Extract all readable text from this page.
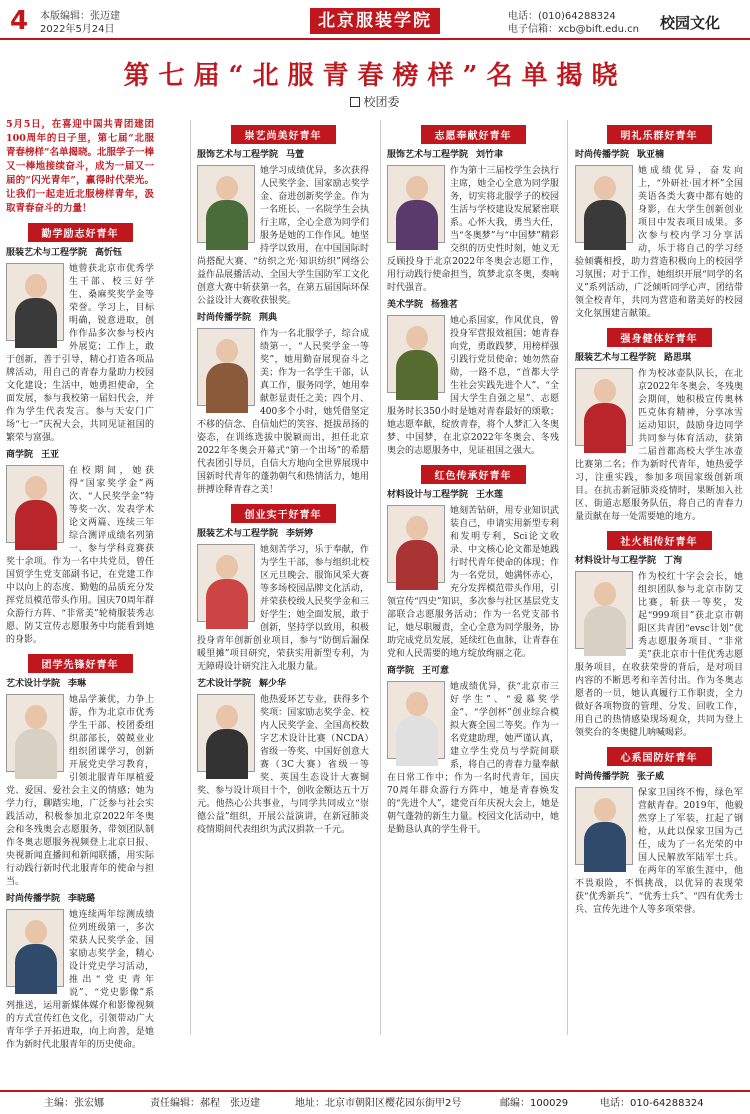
4 本版编辑：张迈建
2022年5月24日	北京服装学院	电话：(010)64288324
电子信箱：xcb@bift.edu.cn 校园文化
第七届“北服青春榜样”名单揭晓
校团委
5月5日，在喜迎中国共青团建团100周年的日子里，第七届“北服青春榜样”名单揭晓。北服学子一棒又一棒地接续奋斗，成为一届又一届的“闪光青年”，赢得时代荣光。让我们一起走近北服榜样青年，汲取青春奋斗的力量！
勤学励志好青年
服装艺术与工程学院 高忻钰
她曾获北京市优秀学生干部、校三好学生、桑麻奖奖学金等荣誉。学习上，目标明确，锐意进取，创作作品多次参与校内外展览；工作上，敢于创新，善于引导，精心打造各项品牌活动，用自己的青春力量助力校园文化建设；生活中，她勇担使命，全面发展，参与我校第一届妇代会，并作为学生代表发言。参与天安门广场“七一”庆祝大会，共同见证祖国的繁荣与富强。
商学院 王亚
在校期间，她获得“国家奖学金”两次、“人民奖学金”特等奖一次、发表学术论文两篇、连续三年综合测评成绩名列第一、参与学科竞赛获奖十余项。作为一名中共党员，曾任国贸学生党支部副书记，在党建工作中以向上的态度、勤勉的品质充分发挥党员模范带头作用。国庆70周年群众游行方阵、“非常美”轮椅服装秀志愿、防艾宣传志愿服务中均能看到她的身影。
团学先锋好青年
艺术设计学院 李琳
她品学兼优，力争上游，作为北京市优秀学生干部、校团委组织部部长，兢兢业业组织团课学习，创新开展党史学习教育，引领北服青年厚植爱党、爱国、爱社会主义的情感；她为学力行，聊踏实地，广泛参与社会实践活动，积极参加北京2022年冬奥会和冬残奥会志愿服务，带领团队制作冬奥志愿服务视频登上北京日报、央视新闻直播间和新闻联播，用实际行动践行新时代北服青年的使命与担当。
时尚传播学院 李晓璐
她连续两年综测成绩位列班级第一，多次荣获人民奖学金、国家励志奖学金，精心设计党史学习活动，推出“党史青年说”、“党史影像”系列推送，运用新媒体媒介和影像视频的方式宣传红色文化，引领带动广大青年学子开拓进取，向上向善，是她作为新时代北服青年的历史使命。
崇艺尚美好青年
服饰艺术与工程学院 马萱
她学习成绩优异，多次获得人民奖学金、国家励志奖学金、奋进创新奖学金。作为一名班长、一名院学生会执行主席，全心全意为同学们服务是她的工作作风。她坚持学以致用，在中国国际时尚搭配大赛、“纺织之光·知识纺织”网络公益作品展播活动、全国大学生国防军工文化创意大赛中斩获第一名，在第五届国际环保公益设计大赛收获银奖。
时尚传播学院 荆典
作为一名北服学子，综合成绩第一，“人民奖学金一等奖”，她用勤奋展现奋斗之美；作为一名学生干部，认真工作，服务同学，她用奉献彰显责任之美；四个月、400多个小时，她凭借坚定不移的信念、自信灿烂的笑容、挺拔昂扬的姿态，在训练选拔中脱颖而出，担任北京2022年冬奥会开幕式“第一个出场”的希腊代表团引导员，自信大方地向全世界展现中国新时代青年的蓬勃朝气和热情活力，她用拼搏诠释青春之美！
创业实干好青年
服装艺术与工程学院 李妍婷
她刻苦学习，乐于奉献，作为学生干部，参与组织北校区元旦晚会、服饰风采大赛等多场校园品牌文化活动，并荣获校级人民奖学金和三好学生；她全面发展，敢于创新，坚持学以致用，积极投身青年创新创业项目，参与“防倒后漏保暖里摊”项目研究，荣获实用新型专利，为无障碍设计研究注入北服力量。
艺术设计学院 解少华
他热爱环艺专业，获得多个奖项：国家励志奖学金、校内人民奖学金、全国高校数字艺术设计比赛（NCDA）省级一等奖、中国好创意大赛（3C大赛）省级一等奖、英国生态设计大赛铜奖、参与设计项目十个，创收金额达五十万元。他热心公共事业，与同学共同成立“崇德公益”组织，开展公益演讲，在新冠肺炎疫情期间代表组织为武汉捐款一千元。
志愿奉献好青年
服饰艺术与工程学院 刘竹聿
作为第十三届校学生会执行主席，她全心全意为同学服务，切实将北服学子的校园生活与学校建设发展紧密联系。心怀大我，勇当大任，当“冬奥梦”与“中国梦”精彩交织的历史性时刻，她义无反顾投身于北京2022年冬奥会志愿工作，用行动践行使命担当，筑梦北京冬奥，奏响时代强音。
美术学院 杨雅茗
她心系国家，作风优良，曾投身军营报效祖国；她青春向党，勇敢践梦，用榜样强引践行党员使命；她勿然奋勋，一路不息，“首都大学生社会实践先进个人”、“全国大学生自强之星”、志愿服务时长350小时是她对青春最好的颂歌；她志愿奉献，绽放青春，将个人梦汇入冬奥梦、中国梦，在北京2022年冬奥会、冬残奥会的志愿服务中，见证祖国之强大。
红色传承好青年
材料设计与工程学院 王水莲
她刻苦钻研，用专业知识武装自己，申请实用新型专利和发明专利，Sci论文收录、中文核心论文都是她践行时代青年使命的体现；作为一名党员，她满怀赤心，充分发挥模范带头作用，引领宣传“四史”知识，多次参与社区基层党支部联合志愿服务活动；作为一名党支部书记，她尽职履责，全心全意为同学服务，协助完成党员发展，延续红色血脉，让青春在党和人民需要的地方绽放绚丽之花。
商学院 王可意
她成绩优异，获“北京市三好学生”、“爱慕奖学金”、“学创杯”创业综合模拟大赛全国二等奖。作为一名党建助理，她严谨认真，建立学生党员与学院间联系，将自己的青春力量奉献在日常工作中；作为一名时代青年，国庆70周年群众游行方阵中，她是青春焕发的“先进个人”，建党百年庆祝大会上，她是朝气蓬勃的新生力量。校园文化活动中，她是勤恳认真的学生骨干。
明礼乐群好青年
时尚传播学院 耿亚楠
她成绩优异，奋发向上，“外研社·国才杯”全国英语各类大赛中都有她的身影，在大学生创新创业项目中发表项目成果。多次参与校内学习分享活动，乐于将自己的学习经验倾囊相授，助力营造积极向上的校园学习氛围；对于工作，她组织开展“同学的名义”系列活动，广泛倾听同学心声，团结带领全校青年，共同为营造和谐美好的校园文化氛围建言献策。
强身健体好青年
服装艺术与工程学院 路思琪
作为校冰壶队队长，在北京2022年冬奥会、冬残奥会期间，她积极宣传奥林匹克体育精神，分享冰雪运动知识，鼓励身边同学共同参与体育活动，获第二届首都高校大学生冰壶比赛第二名；作为新时代青年，她热爱学习，注重实践，参加多项国家级创新项目。在抗击新冠肺炎疫情时，果断加入社区、街道志愿服务队伍，将自己的青春力量贡献在每一处需要她的地方。
社火相传好青年
材料设计与工程学院 丁洵
作为校红十字会会长，她组织团队参与北京市防艾比赛，斩获一等奖，发起“999项目”获北京市朝阳区共青团“evsc计划”优秀志愿服务项目、“非常美”获北京市十佳优秀志愿服务项目，在收获荣誉的背后，是对项目内容的不断思考和辛苦付出。作为冬奥志愿者的一员，她认真履行工作职责，全力做好各项物资的管理、分发、回收工作，用自己的热情感染现场观众，共同为登上领奖台的冬奥健儿呐喊喝彩。
心系国防好青年
时尚传播学院 张子威
保家卫国终不悔，绿色军营献青春。2019年，他毅然穿上了军装，扛起了钢枪，从此以保家卫国为己任，成为了一名光荣的中国人民解放军陆军士兵。在两年的军旅生涯中，他不畏艰险，不惧挑战，以优异的表现荣获“优秀新兵”、“优秀士兵”、“四有优秀士兵、宣传先进个人等多项荣誉。
主编：张宏娜	责任编辑：郝程　张迈建	地址：北京市朝阳区樱花园东街甲2号	邮编：100029	电话：010-64288324
